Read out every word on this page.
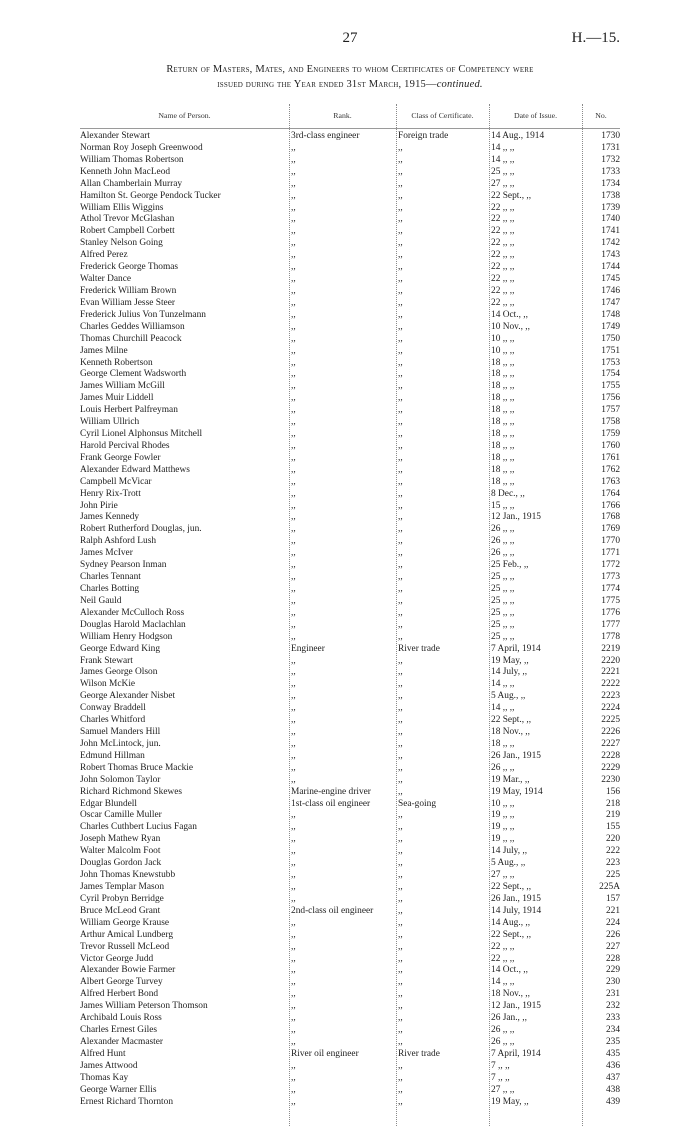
27	H.—15.
Return of Masters, Mates, and Engineers to whom Certificates of Competency were
issued during the Year ended 31st March, 1915—continued.
Name of Person.	Rank.	Class of Certificate.	Date of Issue.	No.
Alexander Stewart	3rd-class engineer	Foreign trade	14 Aug., 1914	1730
Norman Roy Joseph Greenwood	,,	,,	14 ,, ,,	1731
William Thomas Robertson	,,	,,	14 ,, ,,	1732
Kenneth John MacLeod	,,	,,	25 ,, ,,	1733
Allan Chamberlain Murray	,,	,,	27 ,, ,,	1734
Hamilton St. George Pendock Tucker	,,	,,	22 Sept., ,,	1738
William Ellis Wiggins	,,	,,	22 ,, ,,	1739
Athol Trevor McGlashan	,,	,,	22 ,, ,,	1740
Robert Campbell Corbett	,,	,,	22 ,, ,,	1741
Stanley Nelson Going	,,	,,	22 ,, ,,	1742
Alfred Perez	,,	,,	22 ,, ,,	1743
Frederick George Thomas	,,	,,	22 ,, ,,	1744
Walter Dance	,,	,,	22 ,, ,,	1745
Frederick William Brown	,,	,,	22 ,, ,,	1746
Evan William Jesse Steer	,,	,,	22 ,, ,,	1747
Frederick Julius Von Tunzelmann	,,	,,	14 Oct., ,,	1748
Charles Geddes Williamson	,,	,,	10 Nov., ,,	1749
Thomas Churchill Peacock	,,	,,	10 ,, ,,	1750
James Milne	,,	,,	10 ,, ,,	1751
Kenneth Robertson	,,	,,	18 ,, ,,	1753
George Clement Wadsworth	,,	,,	18 ,, ,,	1754
James William McGill	,,	,,	18 ,, ,,	1755
James Muir Liddell	,,	,,	18 ,, ,,	1756
Louis Herbert Palfreyman	,,	,,	18 ,, ,,	1757
William Ullrich	,,	,,	18 ,, ,,	1758
Cyril Lionel Alphonsus Mitchell	,,	,,	18 ,, ,,	1759
Harold Percival Rhodes	,,	,,	18 ,, ,,	1760
Frank George Fowler	,,	,,	18 ,, ,,	1761
Alexander Edward Matthews	,,	,,	18 ,, ,,	1762
Campbell McVicar	,,	,,	18 ,, ,,	1763
Henry Rix-Trott	,,	,,	8 Dec., ,,	1764
John Pirie	,,	,,	15 ,, ,,	1766
James Kennedy	,,	,,	12 Jan., 1915	1768
Robert Rutherford Douglas, jun.	,,	,,	26 ,, ,,	1769
Ralph Ashford Lush	,,	,,	26 ,, ,,	1770
James McIver	,,	,,	26 ,, ,,	1771
Sydney Pearson Inman	,,	,,	25 Feb., ,,	1772
Charles Tennant	,,	,,	25 ,, ,,	1773
Charles Botting	,,	,,	25 ,, ,,	1774
Neil Gauld	,,	,,	25 ,, ,,	1775
Alexander McCulloch Ross	,,	,,	25 ,, ,,	1776
Douglas Harold Maclachlan	,,	,,	25 ,, ,,	1777
William Henry Hodgson	,,	,,	25 ,, ,,	1778
George Edward King	Engineer	River trade	7 April, 1914	2219
Frank Stewart	,,	,,	19 May, ,,	2220
James George Olson	,,	,,	14 July, ,,	2221
Wilson McKie	,,	,,	14 ,, ,,	2222
George Alexander Nisbet	,,	,,	5 Aug., ,,	2223
Conway Braddell	,,	,,	14 ,, ,,	2224
Charles Whitford	,,	,,	22 Sept., ,,	2225
Samuel Manders Hill	,,	,,	18 Nov., ,,	2226
John McLintock, jun.	,,	,,	18 ,, ,,	2227
Edmund Hillman	,,	,,	26 Jan., 1915	2228
Robert Thomas Bruce Mackie	,,	,,	26 ,, ,,	2229
John Solomon Taylor	,,	,,	19 Mar., ,,	2230
Richard Richmond Skewes	Marine-engine driver	,,	19 May, 1914	156
Edgar Blundell	1st-class oil engineer	Sea-going	10 ,, ,,	218
Oscar Camille Muller	,,	,,	19 ,, ,,	219
Charles Cuthbert Lucius Fagan	,,	,,	19 ,, ,,	155
Joseph Mathew Ryan	,,	,,	19 ,, ,,	220
Walter Malcolm Foot	,,	,,	14 July, ,,	222
Douglas Gordon Jack	,,	,,	5 Aug., ,,	223
John Thomas Knewstubb	,,	,,	27 ,, ,,	225
James Templar Mason	,,	,,	22 Sept., ,,	225A
Cyril Probyn Berridge	,,	,,	26 Jan., 1915	157
Bruce McLeod Grant	2nd-class oil engineer	,,	14 July, 1914	221
William George Krause	,,	,,	14 Aug., ,,	224
Arthur Amical Lundberg	,,	,,	22 Sept., ,,	226
Trevor Russell McLeod	,,	,,	22 ,, ,,	227
Victor George Judd	,,	,,	22 ,, ,,	228
Alexander Bowie Farmer	,,	,,	14 Oct., ,,	229
Albert George Turvey	,,	,,	14 ,, ,,	230
Alfred Herbert Bond	,,	,,	18 Nov., ,,	231
James William Peterson Thomson	,,	,,	12 Jan., 1915	232
Archibald Louis Ross	,,	,,	26 Jan., ,,	233
Charles Ernest Giles	,,	,,	26 ,, ,,	234
Alexander Macmaster	,,	,,	26 ,, ,,	235
Alfred Hunt	River oil engineer	River trade	7 April, 1914	435
James Attwood	,,	,,	7 ,, ,,	436
Thomas Kay	,,	,,	7 ,, ,,	437
George Warner Ellis	,,	,,	27 ,, ,,	438
Ernest Richard Thornton	,,	,,	19 May, ,,	439
